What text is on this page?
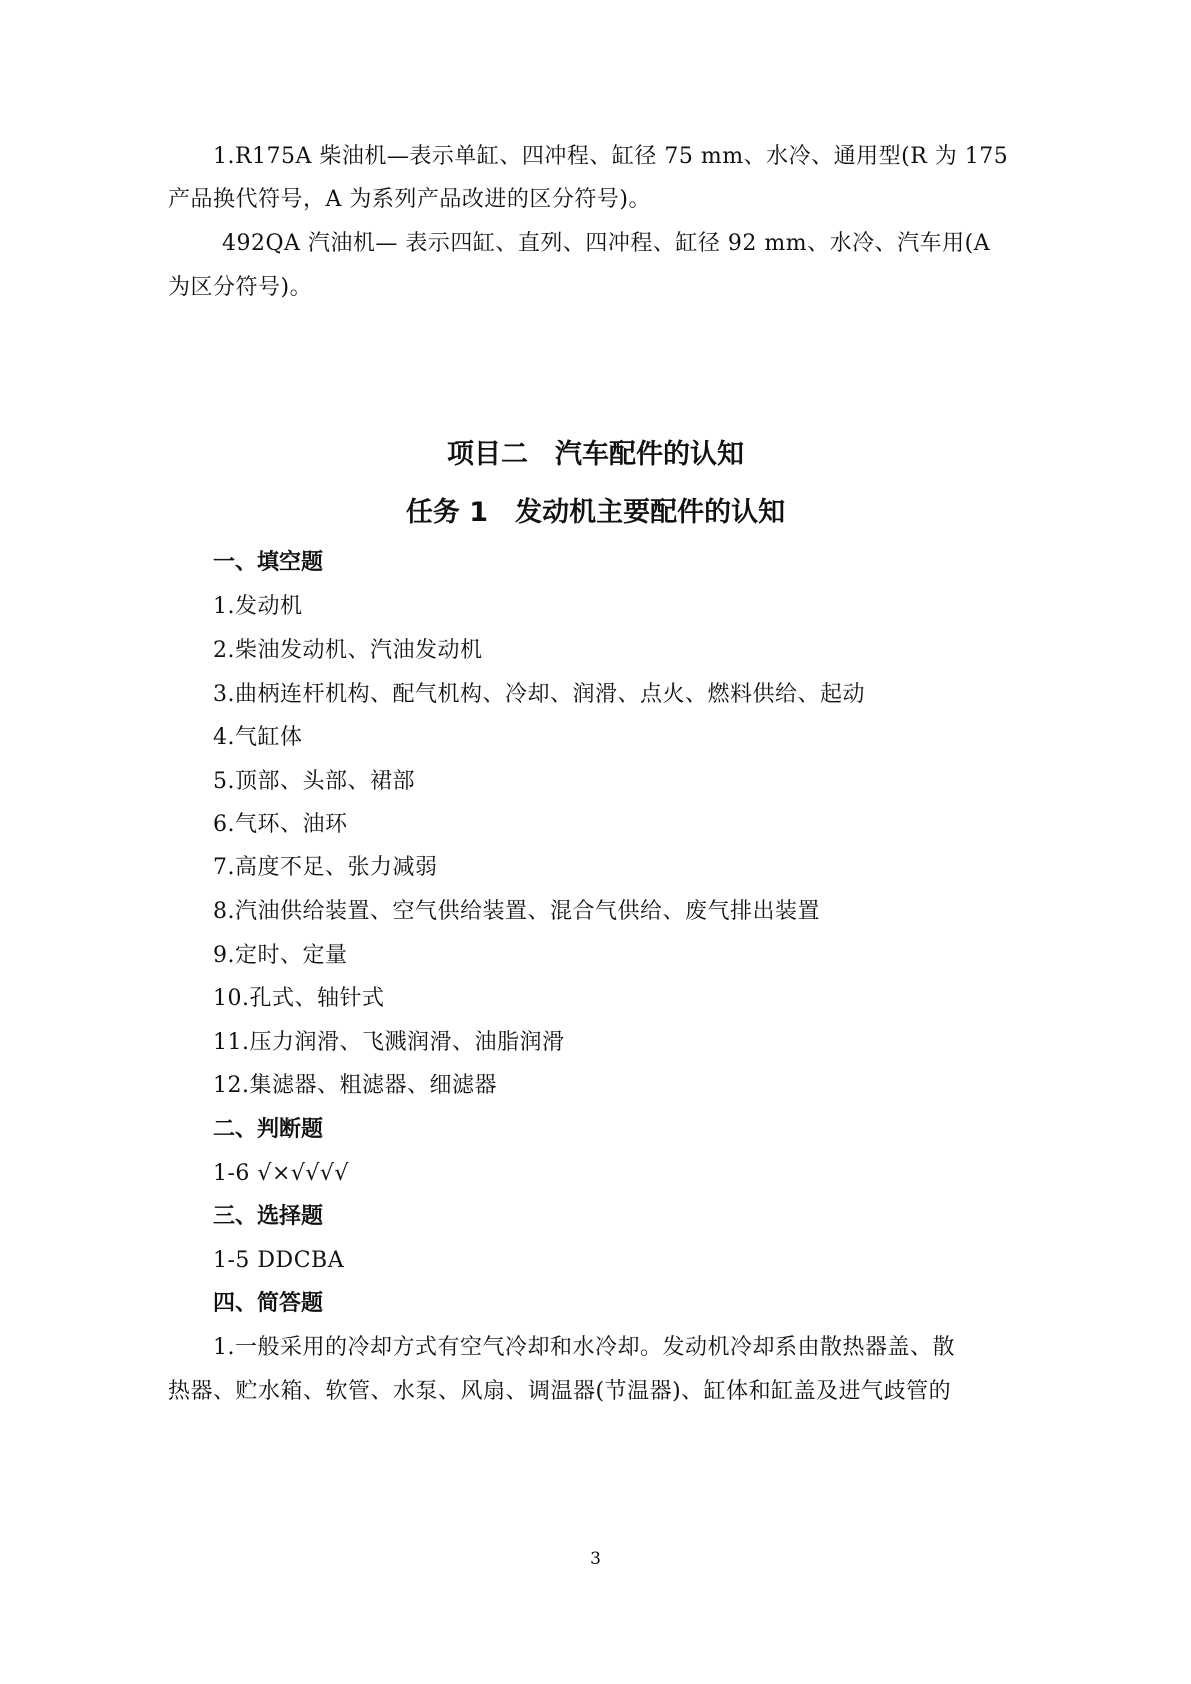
1.R175A 柴油机—表示单缸、四冲程、缸径 75 mm、水冷、通用型(R 为 175
产品换代符号，A 为系列产品改进的区分符号)。
492QA 汽油机— 表示四缸、直列、四冲程、缸径 92 mm、水冷、汽车用(A
为区分符号)。
项目二　汽车配件的认知
任务 1　发动机主要配件的认知
一、填空题
1.发动机
2.柴油发动机、汽油发动机
3.曲柄连杆机构、配气机构、冷却、润滑、点火、燃料供给、起动
4.气缸体
5.顶部、头部、裙部
6.气环、油环
7.高度不足、张力减弱
8.汽油供给装置、空气供给装置、混合气供给、废气排出装置
9.定时、定量
10.孔式、轴针式
11.压力润滑、飞溅润滑、油脂润滑
12.集滤器、粗滤器、细滤器
二、判断题
1-6 √×√√√√
三、选择题
1-5 DDCBA
四、简答题
1.一般采用的冷却方式有空气冷却和水冷却。发动机冷却系由散热器盖、散
热器、贮水箱、软管、水泵、风扇、调温器(节温器)、缸体和缸盖及进气歧管的
3
